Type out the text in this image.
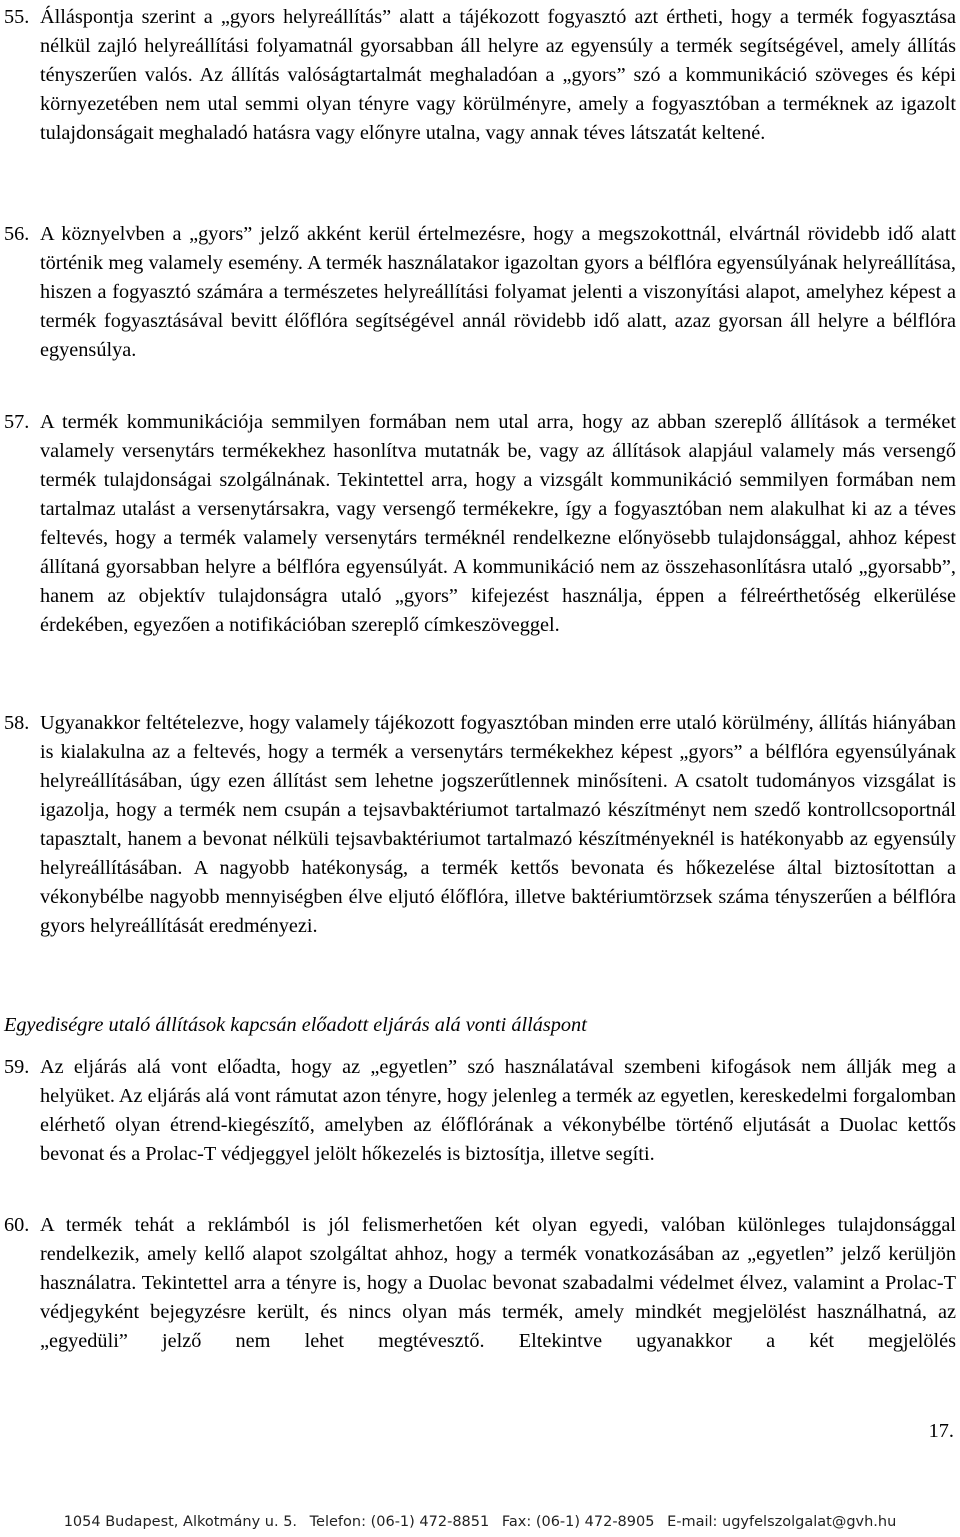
55. Álláspontja szerint a „gyors helyreállítás” alatt a tájékozott fogyasztó azt értheti, hogy a termék fogyasztása nélkül zajló helyreállítási folyamatnál gyorsabban áll helyre az egyensúly a termék segítségével, amely állítás tényszerűen valós. Az állítás valóságtartalmát meghaladóan a „gyors” szó a kommunikáció szöveges és képi környezetében nem utal semmi olyan tényre vagy körülményre, amely a fogyasztóban a terméknek az igazolt tulajdonságait meghaladó hatásra vagy előnyre utalna, vagy annak téves látszatát keltené.
56. A köznyelvben a „gyors” jelző akként kerül értelmezésre, hogy a megszokottnál, elvártnál rövidebb idő alatt történik meg valamely esemény. A termék használatakor igazoltan gyors a bélflóra egyensúlyának helyreállítása, hiszen a fogyasztó számára a természetes helyreállítási folyamat jelenti a viszonyítási alapot, amelyhez képest a termék fogyasztásával bevitt élőflóra segítségével annál rövidebb idő alatt, azaz gyorsan áll helyre a bélflóra egyensúlya.
57. A termék kommunikációja semmilyen formában nem utal arra, hogy az abban szereplő állítások a terméket valamely versenytárs termékekhez hasonlítva mutatnák be, vagy az állítások alapjául valamely más versengő termék tulajdonságai szolgálnának. Tekintettel arra, hogy a vizsgált kommunikáció semmilyen formában nem tartalmaz utalást a versenytársakra, vagy versengő termékekre, így a fogyasztóban nem alakulhat ki az a téves feltevés, hogy a termék valamely versenytárs terméknél rendelkezne előnyösebb tulajdonsággal, ahhoz képest állítaná gyorsabban helyre a bélflóra egyensúlyát. A kommunikáció nem az összehasonlításra utaló „gyorsabb”, hanem az objektív tulajdonságra utaló „gyors” kifejezést használja, éppen a félreérthetőség elkerülése érdekében, egyezően a notifikációban szereplő címkeszöveggel.
58. Ugyanakkor feltételezve, hogy valamely tájékozott fogyasztóban minden erre utaló körülmény, állítás hiányában is kialakulna az a feltevés, hogy a termék a versenytárs termékekhez képest „gyors” a bélflóra egyensúlyának helyreállításában, úgy ezen állítást sem lehetne jogszerűtlennek minősíteni. A csatolt tudományos vizsgálat is igazolja, hogy a termék nem csupán a tejsavbaktériumot tartalmazó készítményt nem szedő kontrollcsoportnál tapasztalt, hanem a bevonat nélküli tejsavbaktériumot tartalmazó készítményeknél is hatékonyabb az egyensúly helyreállításában. A nagyobb hatékonyság, a termék kettős bevonata és hőkezelése által biztosítottan a vékonybélbe nagyobb mennyiségben élve eljutó élőflóra, illetve baktériumtörzsek száma tényszerűen a bélflóra gyors helyreállítását eredményezi.
Egyediségre utaló állítások kapcsán előadott eljárás alá vonti álláspont
59. Az eljárás alá vont előadta, hogy az „egyetlen” szó használatával szembeni kifogások nem állják meg a helyüket. Az eljárás alá vont rámutat azon tényre, hogy jelenleg a termék az egyetlen, kereskedelmi forgalomban elérhető olyan étrend-kiegészítő, amelyben az élőflórának a vékonybélbe történő eljutását a Duolac kettős bevonat és a Prolac-T védjeggyel jelölt hőkezelés is biztosítja, illetve segíti.
60. A termék tehát a reklámból is jól felismerhetően két olyan egyedi, valóban különleges tulajdonsággal rendelkezik, amely kellő alapot szolgáltat ahhoz, hogy a termék vonatkozásában az „egyetlen” jelző kerüljön használatra. Tekintettel arra a tényre is, hogy a Duolac bevonat szabadalmi védelmet élvez, valamint a Prolac-T védjegyként bejegyzésre került, és nincs olyan más termék, amely mindkét megjelölést használhatná, az „egyedüli” jelző nem lehet megtévesztő. Eltekintve ugyanakkor a két megjelölés
17.
1054 Budapest, Alkotmány u. 5. Telefon: (06-1) 472-8851 Fax: (06-1) 472-8905 E-mail: ugyfelszolgalat@gvh.hu
